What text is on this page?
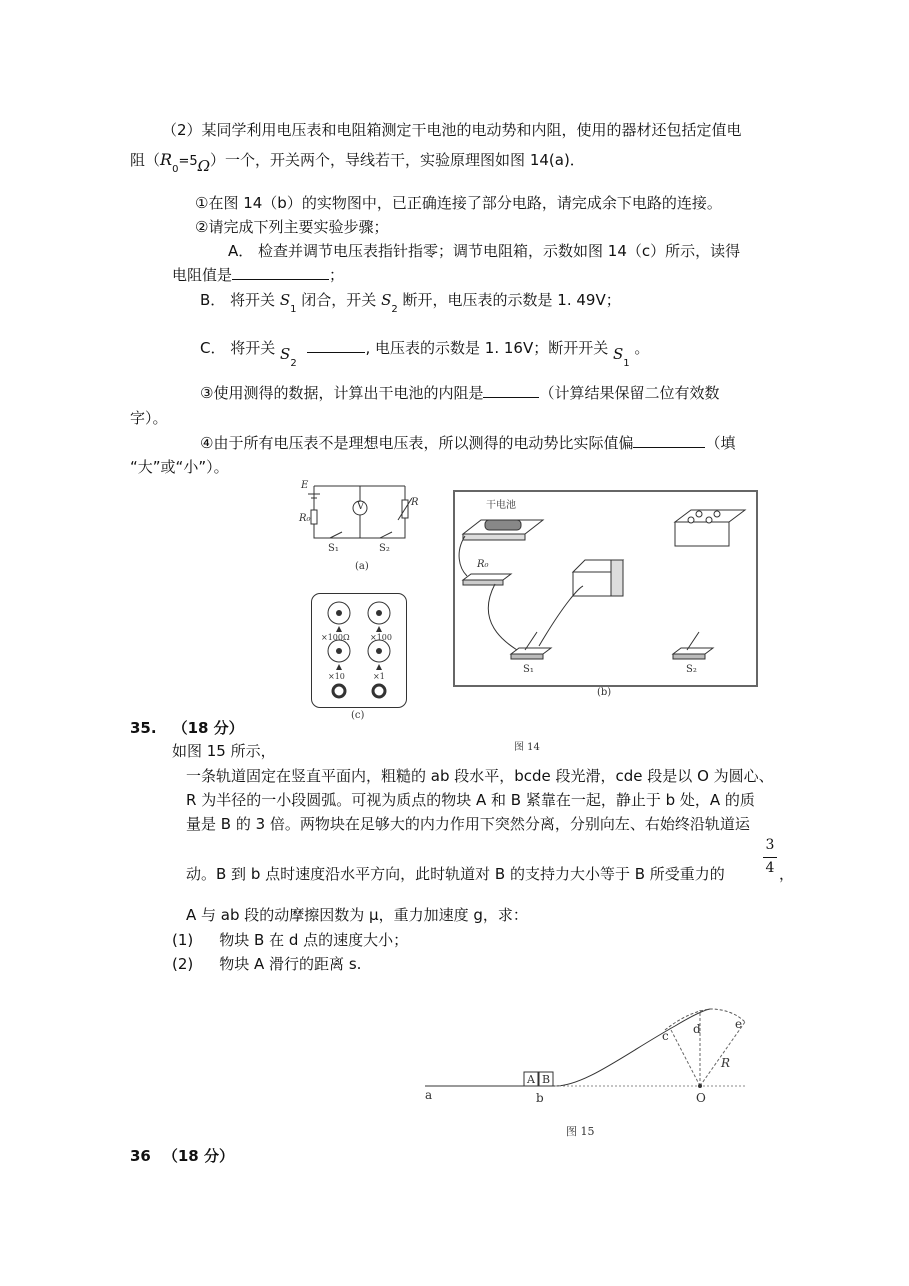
（2）某同学利用电压表和电阻箱测定干电池的电动势和内阻，使用的器材还包括定值电
阻$(R_0=5\Omega)$一个，开关两个，导线若干，实验原理图如图 14(a)．
①在图 14（b）的实物图中，已正确连接了部分电路，请完成余下电路的连接。
②请完成下列主要实验步骤；
A． 检查并调节电压表指针指零；调节电阻箱，示数如图 14（c）所示，读得
电阻值是	；
B． 将开关 $S_1$ 闭合，开关 $S_2$ 断开，电压表的示数是 1. 49V；
C． 将开关 $S_2$ , 电压表的示数是 1. 16V；断开开关 $S_1$ 。
③使用测得的数据，计算出干电池的内阻是	（计算结果保留二位有效数
字）。
④由于所有电压表不是理想电压表，所以测得的电动势比实际值偏	（填
“大”或“小”）。
E
V	R
R₀
S₁	S₂
(a)
×100Ω	×100
×10	×1
(c)
干电池
R₀
S₁	S₂
(b)
图 14
35. （18 分）
如图 15 所示，
一条轨道固定在竖直平面内，粗糙的 ab 段水平，bcde 段光滑，cde 段是以 O 为圆心、
R 为半径的一小段圆弧。可视为质点的物块 A 和 B 紧靠在一起，静止于 b 处，A 的质
量是 B 的 3 倍。两物块在足够大的内力作用下突然分离，分别向左、右始终沿轨道运
3
4
动。B 到 b 点时速度沿水平方向，此时轨道对 B 的支持力大小等于 B 所受重力的	，
A 与 ab 段的动摩擦因数为 μ，重力加速度 g，求：
(1) 物块 B 在 d 点的速度大小；
(2) 物块 A 滑行的距离 s.
A B
a	b
c d	e
R
O
图 15
36 （18 分）
